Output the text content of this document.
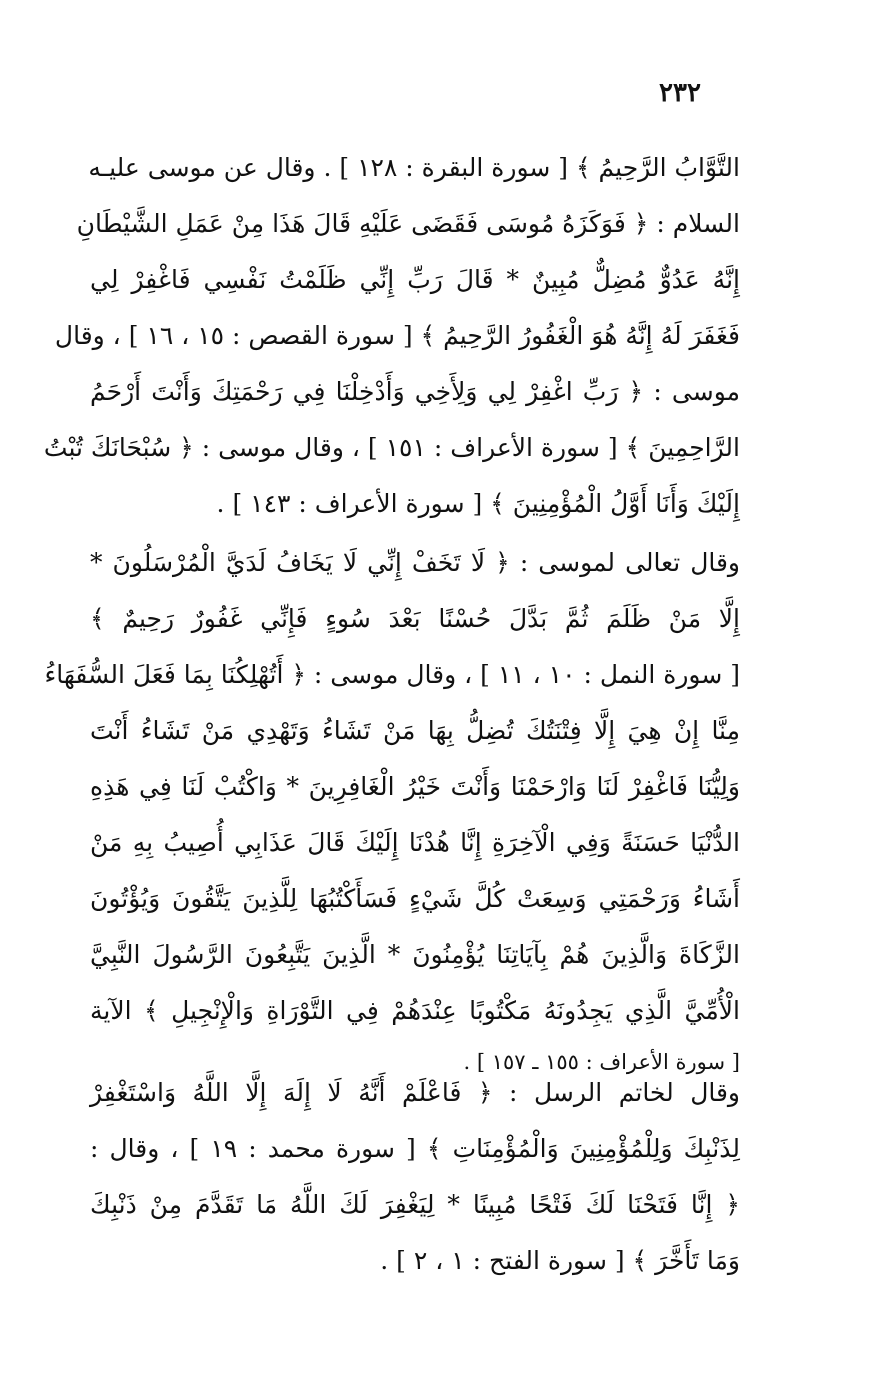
٢٣٢
التَّوَّابُ الرَّحِيمُ ﴾ [ سورة البقرة : ١٢٨ ] . وقال عن موسى عليـه
السلام : ﴿ فَوَكَزَهُ مُوسَى فَقَضَى عَلَيْهِ قَالَ هَذَا مِنْ عَمَلِ الشَّيْطَانِ
إِنَّهُ عَدُوٌّ مُضِلٌّ مُبِينٌ * قَالَ رَبِّ إِنِّي ظَلَمْتُ نَفْسِي فَاغْفِرْ لِي
فَغَفَرَ لَهُ إِنَّهُ هُوَ الْغَفُورُ الرَّحِيمُ ﴾ [ سورة القصص : ١٥ ، ١٦ ] ، وقال
موسى : ﴿ رَبِّ اغْفِرْ لِي وَلِأَخِي وَأَدْخِلْنَا فِي رَحْمَتِكَ وَأَنْتَ أَرْحَمُ
الرَّاحِمِينَ ﴾ [ سورة الأعراف : ١٥١ ] ، وقال موسى : ﴿ سُبْحَانَكَ تُبْتُ
إِلَيْكَ وَأَنَا أَوَّلُ الْمُؤْمِنِينَ ﴾ [ سورة الأعراف : ١٤٣ ] .
وقال تعالى لموسى : ﴿ لَا تَخَفْ إِنِّي لَا يَخَافُ لَدَيَّ الْمُرْسَلُونَ *
إِلَّا مَنْ ظَلَمَ ثُمَّ بَدَّلَ حُسْنًا بَعْدَ سُوءٍ فَإِنِّي غَفُورٌ رَحِيمٌ ﴾
[ سورة النمل : ١٠ ، ١١ ] ، وقال موسى : ﴿ أَتُهْلِكُنَا بِمَا فَعَلَ السُّفَهَاءُ
مِنَّا إِنْ هِيَ إِلَّا فِتْنَتُكَ تُضِلُّ بِهَا مَنْ تَشَاءُ وَتَهْدِي مَنْ تَشَاءُ أَنْتَ
وَلِيُّنَا فَاغْفِرْ لَنَا وَارْحَمْنَا وَأَنْتَ خَيْرُ الْغَافِرِينَ * وَاكْتُبْ لَنَا فِي هَذِهِ
الدُّنْيَا حَسَنَةً وَفِي الْآخِرَةِ إِنَّا هُدْنَا إِلَيْكَ قَالَ عَذَابِي أُصِيبُ بِهِ مَنْ
أَشَاءُ وَرَحْمَتِي وَسِعَتْ كُلَّ شَيْءٍ فَسَأَكْتُبُهَا لِلَّذِينَ يَتَّقُونَ وَيُؤْتُونَ
الزَّكَاةَ وَالَّذِينَ هُمْ بِآيَاتِنَا يُؤْمِنُونَ * الَّذِينَ يَتَّبِعُونَ الرَّسُولَ النَّبِيَّ
الْأُمِّيَّ الَّذِي يَجِدُونَهُ مَكْتُوبًا عِنْدَهُمْ فِي التَّوْرَاةِ وَالْإِنْجِيلِ ﴾ الآية
[ سورة الأعراف : ١٥٥ ـ ١٥٧ ] .
وقال لخاتم الرسل : ﴿ فَاعْلَمْ أَنَّهُ لَا إِلَهَ إِلَّا اللَّهُ وَاسْتَغْفِرْ
لِذَنْبِكَ وَلِلْمُؤْمِنِينَ وَالْمُؤْمِنَاتِ ﴾ [ سورة محمد : ١٩ ] ، وقال :
﴿ إِنَّا فَتَحْنَا لَكَ فَتْحًا مُبِينًا * لِيَغْفِرَ لَكَ اللَّهُ مَا تَقَدَّمَ مِنْ ذَنْبِكَ
وَمَا تَأَخَّرَ ﴾ [ سورة الفتح : ١ ، ٢ ] .
